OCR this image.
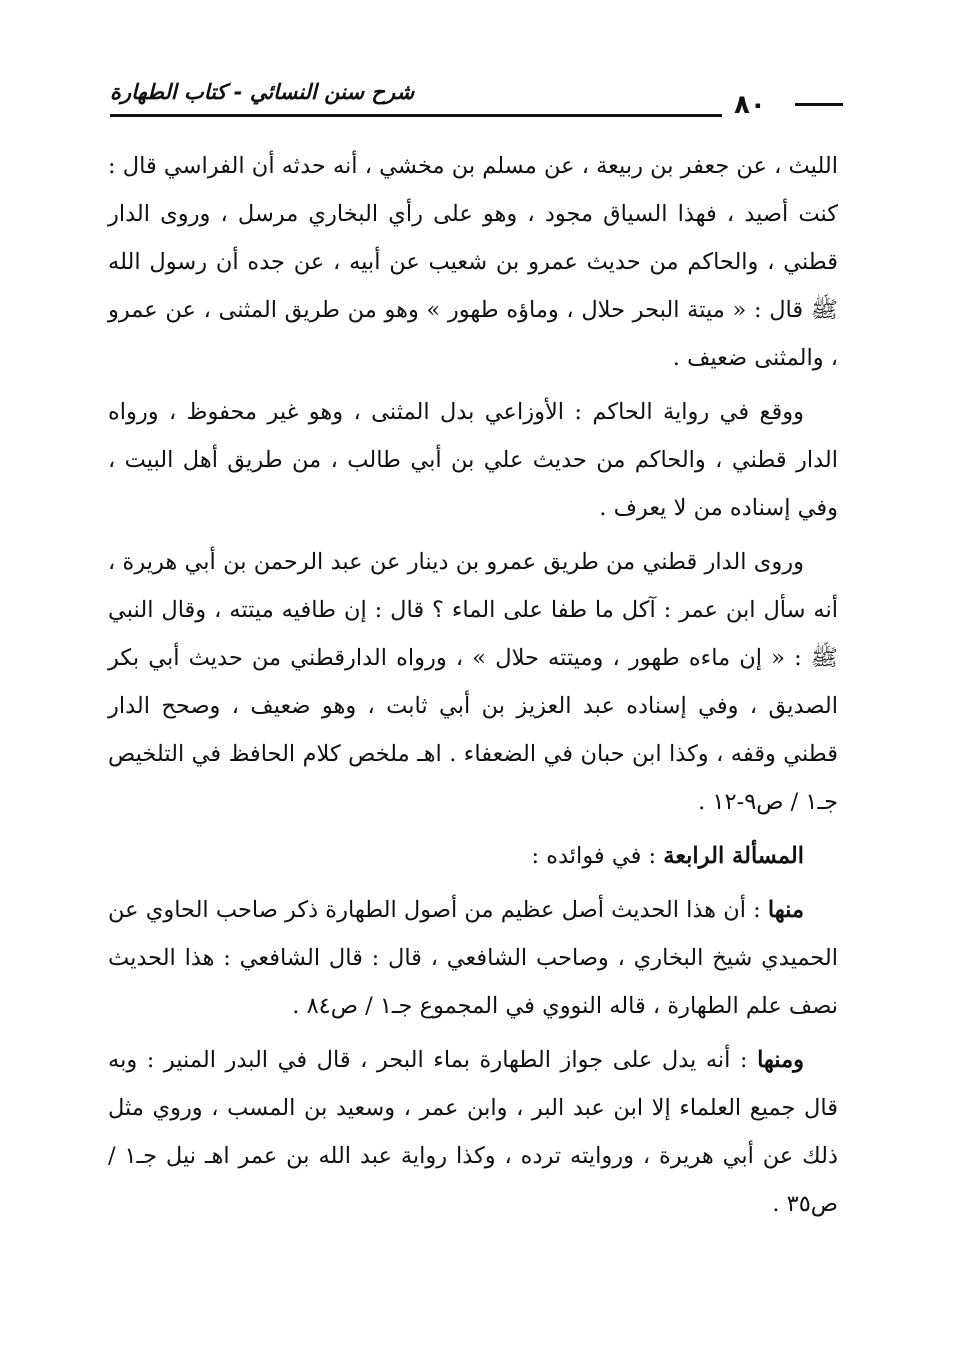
شرح سنن النسائي - كتاب الطهارة	٨٠

الليث ، عن جعفر بن ربيعة ، عن مسلم بن مخشي ، أنه حدثه أن الفراسي قال : كنت أصيد ، فهذا السياق مجود ، وهو على رأي البخاري مرسل ، وروى الدار قطني ، والحاكم من حديث عمرو بن شعيب عن أبيه ، عن جده أن رسول الله ﷺ قال : « ميتة البحر حلال ، وماؤه طهور » وهو من طريق المثنى ، عن عمرو ، والمثنى ضعيف .

ووقع في رواية الحاكم : الأوزاعي بدل المثنى ، وهو غير محفوظ ، ورواه الدار قطني ، والحاكم من حديث علي بن أبي طالب ، من طريق أهل البيت ، وفي إسناده من لا يعرف .

وروى الدار قطني من طريق عمرو بن دينار عن عبد الرحمن بن أبي هريرة ، أنه سأل ابن عمر : آكل ما طفا على الماء ؟ قال : إن طافيه ميتته ، وقال النبي ﷺ : « إن ماءه طهور ، وميتته حلال » ، ورواه الدارقطني من حديث أبي بكر الصديق ، وفي إسناده عبد العزيز بن أبي ثابت ، وهو ضعيف ، وصحح الدار قطني وقفه ، وكذا ابن حبان في الضعفاء . اهـ ملخص كلام الحافظ في التلخيص جـ١ / ص٩-١٢ .

المسألة الرابعة : في فوائده :

منها : أن هذا الحديث أصل عظيم من أصول الطهارة ذكر صاحب الحاوي عن الحميدي شيخ البخاري ، وصاحب الشافعي ، قال : قال الشافعي : هذا الحديث نصف علم الطهارة ، قاله النووي في المجموع جـ١ / ص٨٤ .

ومنها : أنه يدل على جواز الطهارة بماء البحر ، قال في البدر المنير : وبه قال جميع العلماء إلا ابن عبد البر ، وابن عمر ، وسعيد بن المسب ، وروي مثل ذلك عن أبي هريرة ، وروايته ترده ، وكذا رواية عبد الله بن عمر اهـ نيل جـ١ / ص٣٥ .
